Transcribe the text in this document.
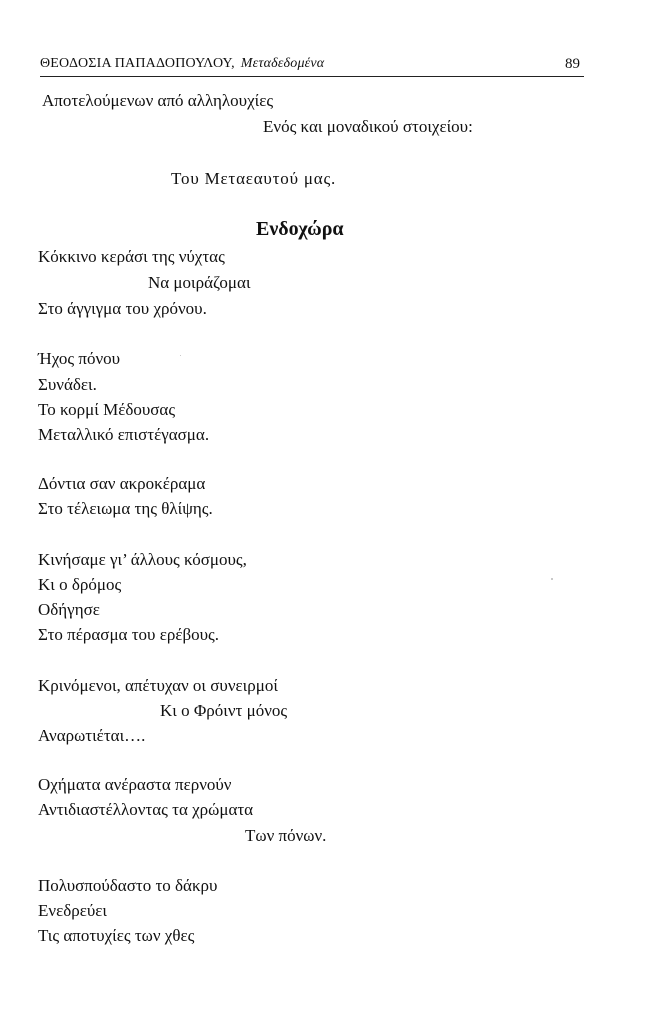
ΘΕΟΔΟΣΙΑ ΠΑΠΑΔΟΠΟΥΛΟΥ, Μεταδεδομένα	89
Αποτελούμενων από αλληλουχίες
Ενός και μοναδικού στοιχείου:
Του Μεταεαυτού μας.
Ενδοχώρα
Κόκκινο κεράσι της νύχτας
Να μοιράζομαι
Στο άγγιγμα του χρόνου.
Ήχος πόνου
Συνάδει.
Το κορμί Μέδουσας
Μεταλλικό επιστέγασμα.
Δόντια σαν ακροκέραμα
Στο τέλειωμα της θλίψης.
Κινήσαμε γι’ άλλους κόσμους,
Κι ο δρόμος
Οδήγησε
Στο πέρασμα του ερέβους.
Κρινόμενοι, απέτυχαν οι συνειρμοί
Κι ο Φρόιντ μόνος
Αναρωτιέται….
Οχήματα ανέραστα περνούν
Αντιδιαστέλλοντας τα χρώματα
Των πόνων.
Πολυσπούδαστο το δάκρυ
Ενεδρεύει
Τις αποτυχίες των χθες
